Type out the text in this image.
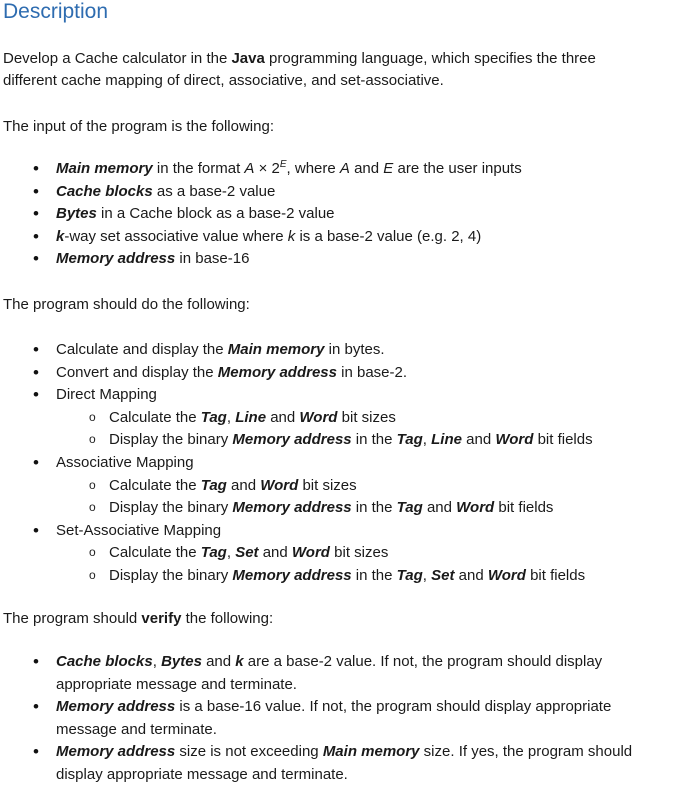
Description
Develop a Cache calculator in the Java programming language, which specifies the three different cache mapping of direct, associative, and set-associative.
The input of the program is the following:
• Main memory in the format $A \times 2^E$, where A and E are the user inputs
• Cache blocks as a base-2 value
• Bytes in a Cache block as a base-2 value
• k-way set associative value where k is a base-2 value (e.g. 2, 4)
• Memory address in base-16
The program should do the following:
• Calculate and display the Main memory in bytes.
• Convert and display the Memory address in base-2.
• Direct Mapping
o Calculate the Tag, Line and Word bit sizes
o Display the binary Memory address in the Tag, Line and Word bit fields
• Associative Mapping
o Calculate the Tag and Word bit sizes
o Display the binary Memory address in the Tag and Word bit fields
• Set-Associative Mapping
o Calculate the Tag, Set and Word bit sizes
o Display the binary Memory address in the Tag, Set and Word bit fields
The program should verify the following:
• Cache blocks, Bytes and k are a base-2 value. If not, the program should display appropriate message and terminate.
• Memory address is a base-16 value. If not, the program should display appropriate message and terminate.
• Memory address size is not exceeding Main memory size. If yes, the program should display appropriate message and terminate.
